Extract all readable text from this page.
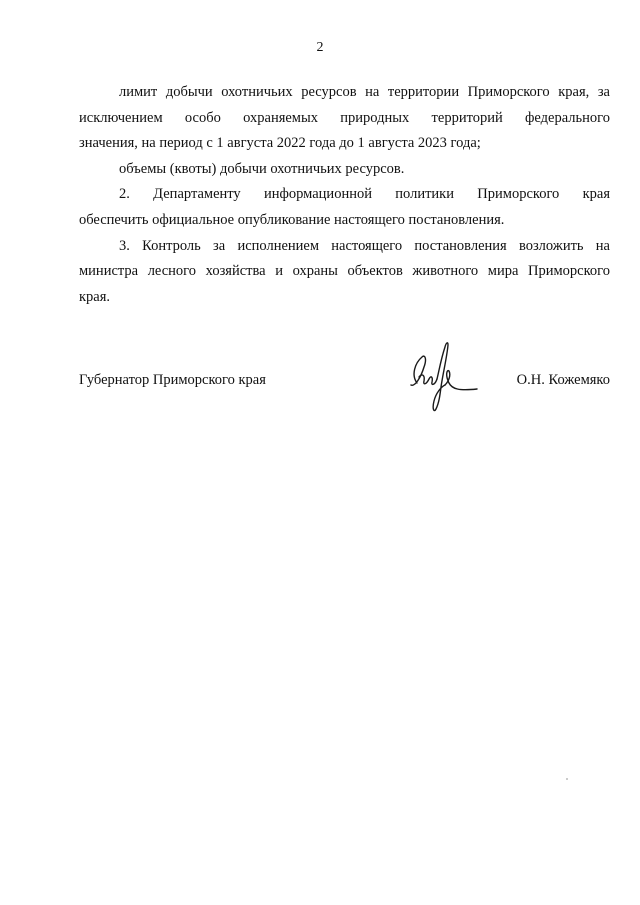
2
лимит добычи охотничьих ресурсов на территории Приморского края, за
исключением особо охраняемых природных территорий федерального
значения, на период с 1 августа 2022 года до 1 августа 2023 года;
объемы (квоты) добычи охотничьих ресурсов.
2. Департаменту информационной политики Приморского края
обеспечить официальное опубликование настоящего постановления.
3. Контроль за исполнением настоящего постановления возложить на
министра лесного хозяйства и охраны объектов животного мира Приморского
края.
Губернатор Приморского края	О.Н. Кожемяко
